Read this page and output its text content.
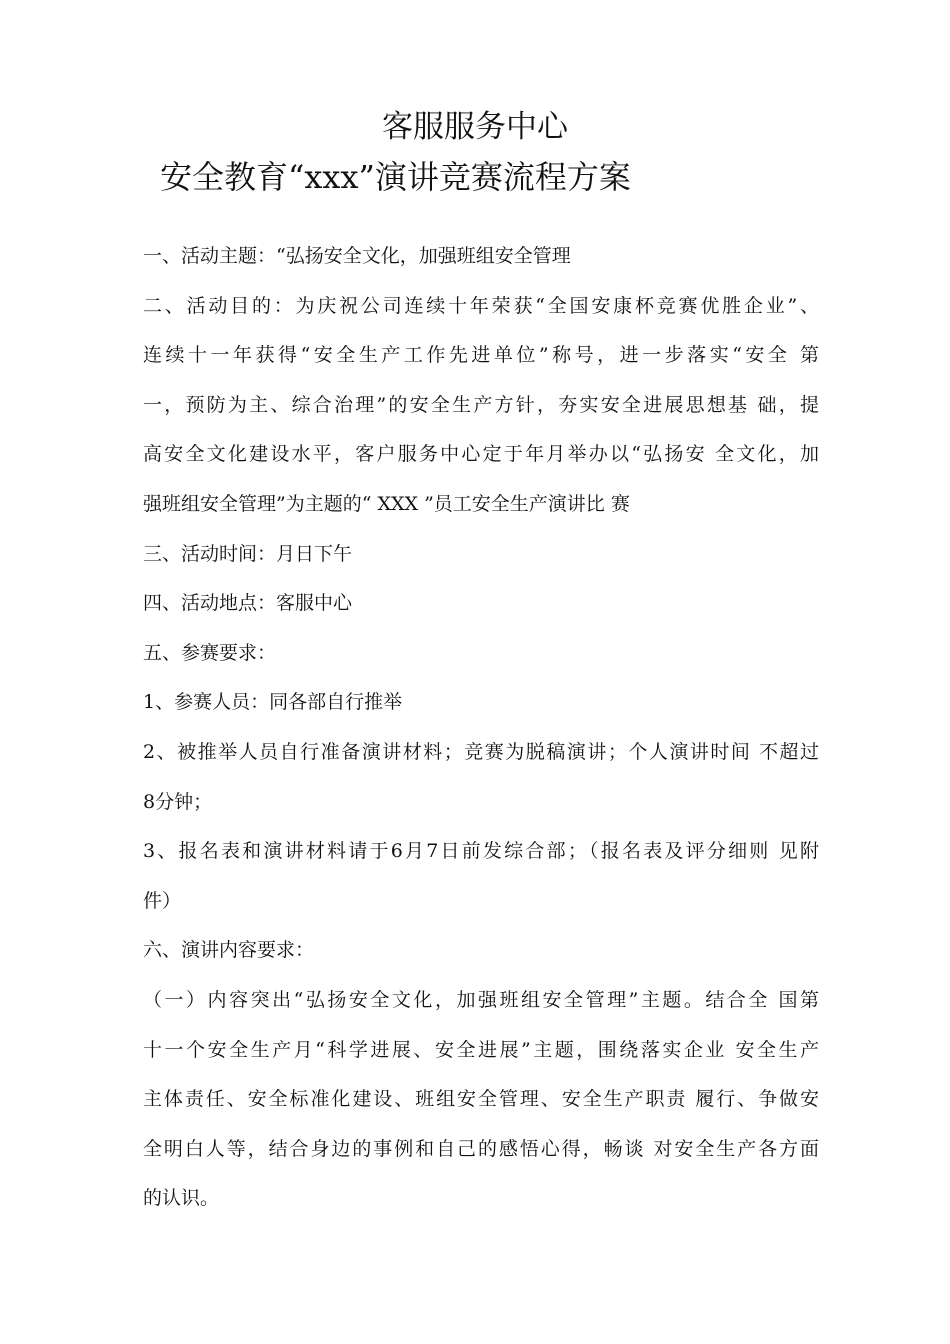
客服服务中心
安全教育“xxx”演讲竞赛流程方案
一、活动主题：“弘扬安全文化，加强班组安全管理
二、活动目的：为庆祝公司连续十年荣获“全国安康杯竞赛优胜企业”、
连续十一年获得“安全生产工作先进单位”称号，进一步落实“安全 第
一，预防为主、综合治理”的安全生产方针，夯实安全进展思想基 础，提
高安全文化建设水平，客户服务中心定于年月举办以“弘扬安 全文化，加
强班组安全管理”为主题的“ XXX ”员工安全生产演讲比 赛
三、活动时间：月日下午
四、活动地点：客服中心
五、参赛要求：
1、参赛人员：同各部自行推举
2、被推举人员自行准备演讲材料；竞赛为脱稿演讲；个人演讲时间 不超过
8分钟；
3、报名表和演讲材料请于6月7日前发综合部；（报名表及评分细则 见附
件）
六、演讲内容要求：
（一）内容突出“弘扬安全文化，加强班组安全管理”主题。结合全 国第
十一个安全生产月“科学进展、安全进展”主题，围绕落实企业 安全生产
主体责任、安全标准化建设、班组安全管理、安全生产职责 履行、争做安
全明白人等，结合身边的事例和自己的感悟心得，畅谈 对安全生产各方面
的认识。
